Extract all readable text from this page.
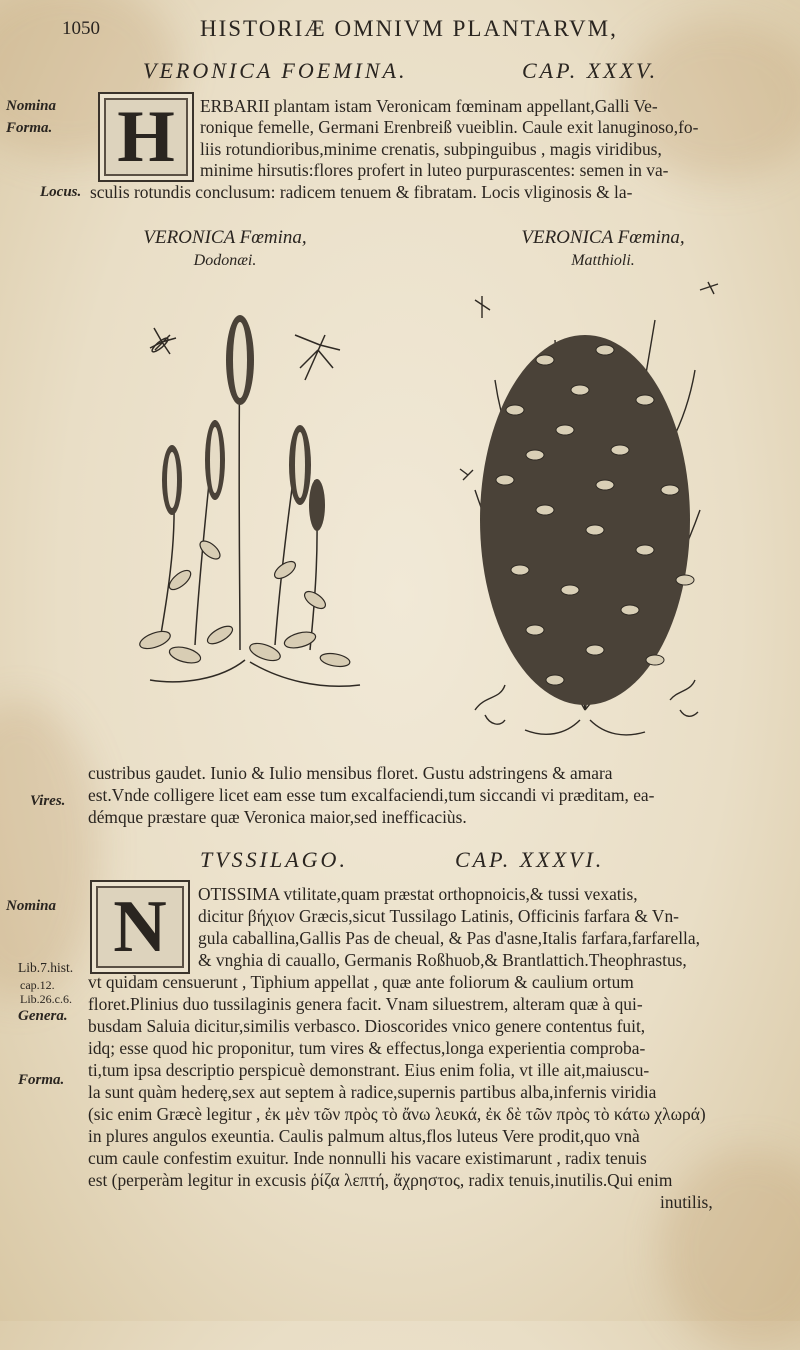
1050	HISTORIÆ OMNIVM PLANTARVM,
VERONICA FOEMINA.	CAP. XXXV.
Nomina
Forma.
Locus.
H	ERBARII plantam istam Veronicam fœminam appellant,Galli Ve-
ronique femelle, Germani Erenbreiß vueiblin. Caule exit lanuginoso,fo-
liis rotundioribus,minime crenatis, subpinguibus , magis viridibus,
minime hirsutis:flores profert in luteo purpurascentes: semen in va-
sculis rotundis conclusum: radicem tenuem & fibratam. Locis vliginosis & la-
VERONICA Fœmina,
Dodonæi.
VERONICA Fœmina,
Matthioli.
Vires.
custribus gaudet. Iunio & Iulio mensibus floret. Gustu adstringens & amara
est.Vnde colligere licet eam esse tum excalfaciendi,tum siccandi vi præditam, ea-
démque præstare quæ Veronica maior,sed inefficaciùs.
TVSSILAGO.	CAP. XXXVI.
Nomina
Lib.7.hist.
cap.12.
Lib.26.c.6.
Genera.
Forma.
N	OTISSIMA vtilitate,quam præstat orthopnoicis,& tussi vexatis,
dicitur βήχιον Græcis,sicut Tussilago Latinis, Officinis farfara & Vn-
gula caballina,Gallis Pas de cheual, & Pas d'asne,Italis farfara,farfarella,
& vnghia di cauallo, Germanis Roßhuob,& Brantlattich.Theophrastus,
vt quidam censuerunt , Tiphium appellat , quæ ante foliorum & caulium ortum
floret.Plinius duo tussilaginis genera facit. Vnam siluestrem, alteram quæ à qui-
busdam Saluia dicitur,similis verbasco. Dioscorides vnico genere contentus fuit,
idq; esse quod hic proponitur, tum vires & effectus,longa experientia comproba-
ti,tum ipsa descriptio perspicuè demonstrant. Eius enim folia, vt ille ait,maiuscu-
la sunt quàm hederę,sex aut septem à radice,supernis partibus alba,infernis viridia
(sic enim Græcè legitur , ἐκ μὲν τῶν πρὸς τὸ ἄνω λευκά, ἐκ δὲ τῶν πρὸς τὸ κάτω χλωρά)
in plures angulos exeuntia. Caulis palmum altus,flos luteus Vere prodit,quo vnà
cum caule confestim exuitur. Inde nonnulli his vacare existimarunt , radix tenuis
est (perperàm legitur in excusis ῥίζα λεπτή, ἄχρηστος, radix tenuis,inutilis.Qui enim
inutilis,
